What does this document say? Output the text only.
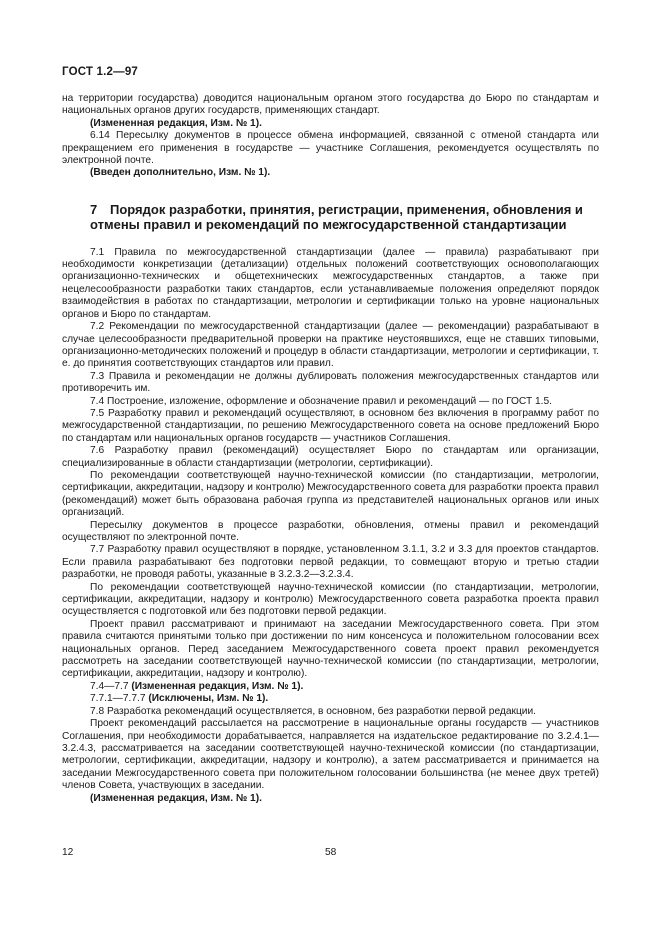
ГОСТ 1.2—97

на территории государства) доводится национальным органом этого государства до Бюро по стандартам и национальных органов других государств, применяющих стандарт.

(Измененная редакция, Изм. № 1).

6.14 Пересылку документов в процессе обмена информацией, связанной с отменой стандарта или прекращением его применения в государстве — участнике Соглашения, рекомендуется осуществлять по электронной почте.

(Введен дополнительно, Изм. № 1).

7 Порядок разработки, принятия, регистрации, применения, обновления и отмены правил и рекомендаций по межгосударственной стандартизации

7.1 Правила по межгосударственной стандартизации (далее — правила) разрабатывают при необходимости конкретизации (детализации) отдельных положений соответствующих основополагающих организационно-технических и общетехнических межгосударственных стандартов, а также при нецелесообразности разработки таких стандартов, если устанавливаемые положения определяют порядок взаимодействия в работах по стандартизации, метрологии и сертификации только на уровне национальных органов и Бюро по стандартам.

7.2 Рекомендации по межгосударственной стандартизации (далее — рекомендации) разрабатывают в случае целесообразности предварительной проверки на практике неустоявшихся, еще не ставших типовыми, организационно-методических положений и процедур в области стандартизации, метрологии и сертификации, т. е. до принятия соответствующих стандартов или правил.

7.3 Правила и рекомендации не должны дублировать положения межгосударственных стандартов или противоречить им.

7.4 Построение, изложение, оформление и обозначение правил и рекомендаций — по ГОСТ 1.5.

7.5 Разработку правил и рекомендаций осуществляют, в основном без включения в программу работ по межгосударственной стандартизации, по решению Межгосударственного совета на основе предложений Бюро по стандартам или национальных органов государств — участников Соглашения.

7.6 Разработку правил (рекомендаций) осуществляет Бюро по стандартам или организации, специализированные в области стандартизации (метрологии, сертификации).

По рекомендации соответствующей научно-технической комиссии (по стандартизации, метрологии, сертификации, аккредитации, надзору и контролю) Межгосударственного совета для разработки проекта правил (рекомендаций) может быть образована рабочая группа из представителей национальных органов или иных организаций.

Пересылку документов в процессе разработки, обновления, отмены правил и рекомендаций осуществляют по электронной почте.

7.7 Разработку правил осуществляют в порядке, установленном 3.1.1, 3.2 и 3.3 для проектов стандартов. Если правила разрабатывают без подготовки первой редакции, то совмещают вторую и третью стадии разработки, не проводя работы, указанные в 3.2.3.2—3.2.3.4.

По рекомендации соответствующей научно-технической комиссии (по стандартизации, метрологии, сертификации, аккредитации, надзору и контролю) Межгосударственного совета разработка проекта правил осуществляется с подготовкой или без подготовки первой редакции.

Проект правил рассматривают и принимают на заседании Межгосударственного совета. При этом правила считаются принятыми только при достижении по ним консенсуса и положительном голосовании всех национальных органов. Перед заседанием Межгосударственного совета проект правил рекомендуется рассмотреть на заседании соответствующей научно-технической комиссии (по стандартизации, метрологии, сертификации, аккредитации, надзору и контролю).

7.4—7.7 (Измененная редакция, Изм. № 1).

7.7.1—7.7.7 (Исключены, Изм. № 1).

7.8 Разработка рекомендаций осуществляется, в основном, без разработки первой редакции.

Проект рекомендаций рассылается на рассмотрение в национальные органы государств — участников Соглашения, при необходимости дорабатывается, направляется на издательское редактирование по 3.2.4.1—3.2.4.3, рассматривается на заседании соответствующей научно-технической комиссии (по стандартизации, метрологии, сертификации, аккредитации, надзору и контролю), а затем рассматривается и принимается на заседании Межгосударственного совета при положительном голосовании большинства (не менее двух третей) членов Совета, участвующих в заседании.

(Измененная редакция, Изм. № 1).

12	58
